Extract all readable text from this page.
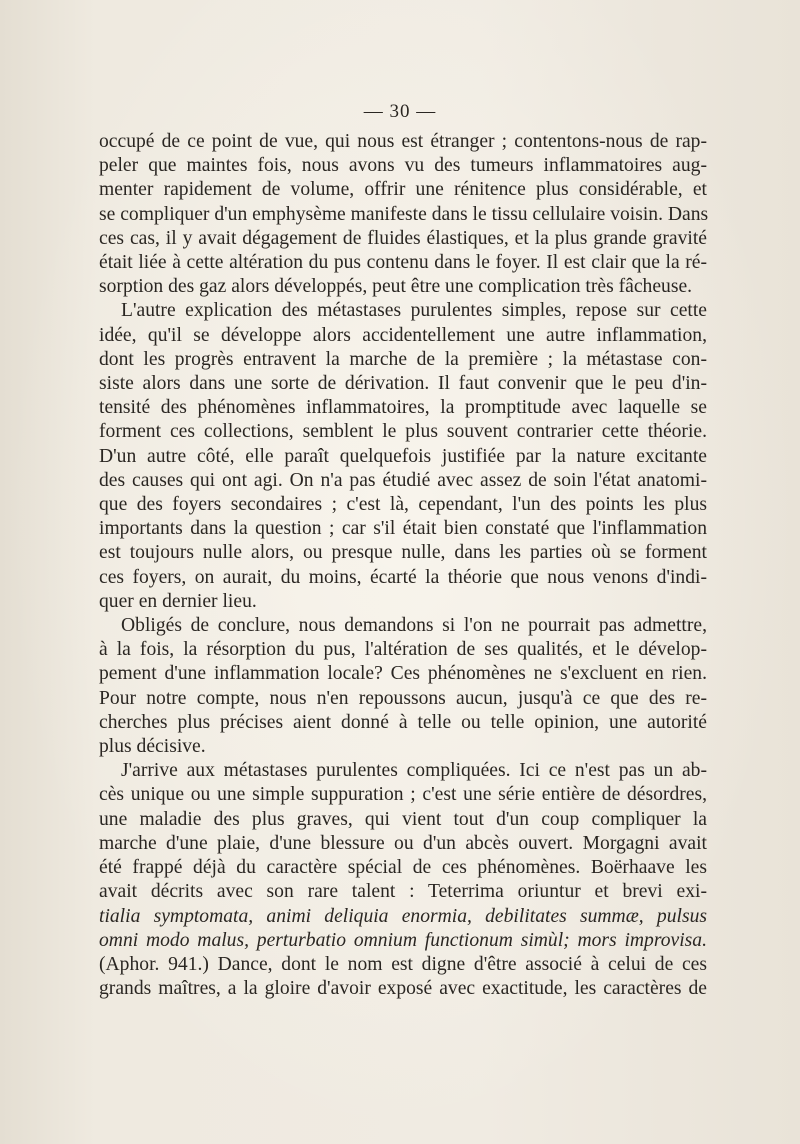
— 30 —
occupé de ce point de vue, qui nous est étranger ; contentons-nous de rap-
peler que maintes fois, nous avons vu des tumeurs inflammatoires aug-
menter rapidement de volume, offrir une rénitence plus considérable, et
se compliquer d'un emphysème manifeste dans le tissu cellulaire voisin. Dans
ces cas, il y avait dégagement de fluides élastiques, et la plus grande gravité
était liée à cette altération du pus contenu dans le foyer. Il est clair que la ré-
sorption des gaz alors développés, peut être une complication très fâcheuse.
L'autre explication des métastases purulentes simples, repose sur cette
idée, qu'il se développe alors accidentellement une autre inflammation,
dont les progrès entravent la marche de la première ; la métastase con-
siste alors dans une sorte de dérivation. Il faut convenir que le peu d'in-
tensité des phénomènes inflammatoires, la promptitude avec laquelle se
forment ces collections, semblent le plus souvent contrarier cette théorie.
D'un autre côté, elle paraît quelquefois justifiée par la nature excitante
des causes qui ont agi. On n'a pas étudié avec assez de soin l'état anatomi-
que des foyers secondaires ; c'est là, cependant, l'un des points les plus
importants dans la question ; car s'il était bien constaté que l'inflammation
est toujours nulle alors, ou presque nulle, dans les parties où se forment
ces foyers, on aurait, du moins, écarté la théorie que nous venons d'indi-
quer en dernier lieu.
Obligés de conclure, nous demandons si l'on ne pourrait pas admettre,
à la fois, la résorption du pus, l'altération de ses qualités, et le dévelop-
pement d'une inflammation locale? Ces phénomènes ne s'excluent en rien.
Pour notre compte, nous n'en repoussons aucun, jusqu'à ce que des re-
cherches plus précises aient donné à telle ou telle opinion, une autorité
plus décisive.
J'arrive aux métastases purulentes compliquées. Ici ce n'est pas un ab-
cès unique ou une simple suppuration ; c'est une série entière de désordres,
une maladie des plus graves, qui vient tout d'un coup compliquer la
marche d'une plaie, d'une blessure ou d'un abcès ouvert. Morgagni avait
été frappé déjà du caractère spécial de ces phénomènes. Boërhaave les
avait décrits avec son rare talent : Teterrima oriuntur et brevi exi-
tialia symptomata, animi deliquia enormia, debilitates summæ, pulsus
omni modo malus, perturbatio omnium functionum simùl; mors improvisa.
(Aphor. 941.) Dance, dont le nom est digne d'être associé à celui de ces
grands maîtres, a la gloire d'avoir exposé avec exactitude, les caractères de
